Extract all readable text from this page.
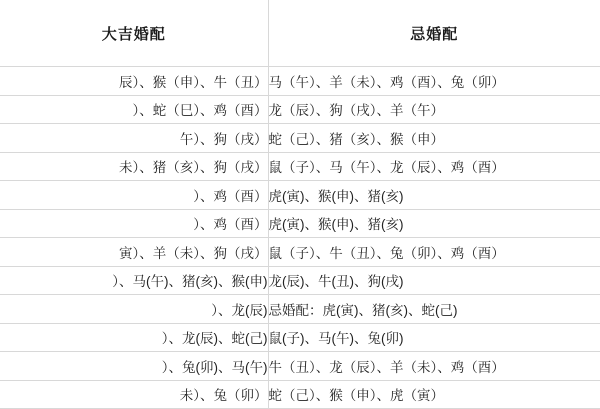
大吉婚配	忌婚配
辰）、猴（申）、牛（丑）	马（午）、羊（未）、鸡（酉）、兔（卯）
）、蛇（巳）、鸡（酉）	龙（辰）、狗（戌）、羊（午）
午）、狗（戌）	蛇（己）、猪（亥）、猴（申）
未）、猪（亥）、狗（戌）	鼠（子）、马（午）、龙（辰）、鸡（酉）
）、鸡（酉）	虎(寅)、猴(申)、猪(亥)
）、鸡（酉）	虎(寅)、猴(申)、猪(亥)
寅）、羊（未）、狗（戌）	鼠（子）、牛（丑）、兔（卯）、鸡（酉）
）、马(午)、猪(亥)、猴(申)	龙(辰)、牛(丑)、狗(戌)
）、龙(辰)	忌婚配：虎(寅)、猪(亥)、蛇(己)
）、龙(辰)、蛇(己)	鼠(子)、马(午)、兔(卯)
）、兔(卯)、马(午)	牛（丑）、龙（辰）、羊（未）、鸡（酉）
未）、兔（卯）	蛇（己）、猴（申）、虎（寅）
